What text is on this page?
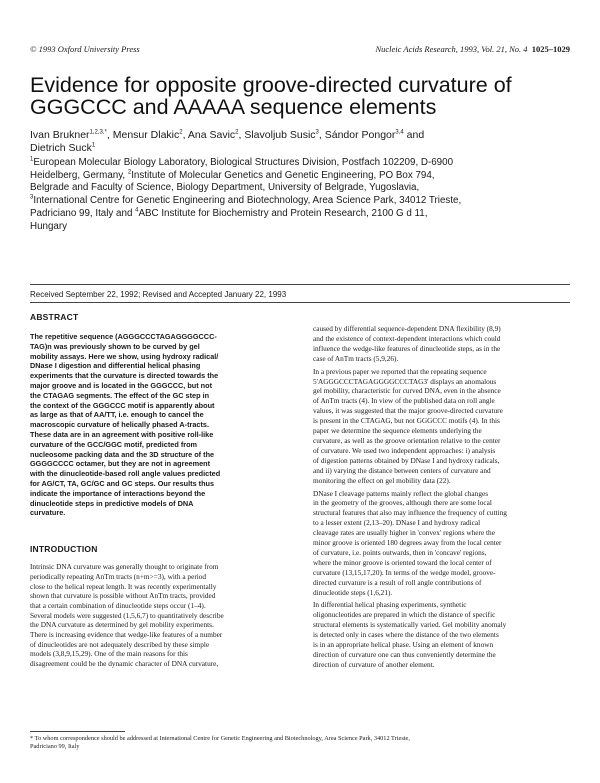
© 1993 Oxford University Press	Nucleic Acids Research, 1993, Vol. 21, No. 4 1025–1029
Evidence for opposite groove-directed curvature of
GGGCCC and AAAAA sequence elements
Ivan Brukner$^{1,2,3,*}$, Mensur Dlakic$^2$, Ana Savic$^2$, Slavoljub Susic$^3$, Sándor Pongor$^{3,4}$ and
Dietrich Suck$^1$
$^1$European Molecular Biology Laboratory, Biological Structures Division, Postfach 102209, D-6900
Heidelberg, Germany, $^2$Institute of Molecular Genetics and Genetic Engineering, PO Box 794,
Belgrade and Faculty of Science, Biology Department, University of Belgrade, Yugoslavia,
$^3$International Centre for Genetic Engineering and Biotechnology, Area Science Park, 34012 Trieste,
Padriciano 99, Italy and $^4$ABC Institute for Biochemistry and Protein Research, 2100 G d 11,
Hungary
Received September 22, 1992; Revised and Accepted January 22, 1993
ABSTRACT
The repetitive sequence (AGGGCCCTAGAGGGGCCC-
TAG)n was previously shown to be curved by gel
mobility assays. Here we show, using hydroxy radical/
DNase I digestion and differential helical phasing
experiments that the curvature is directed towards the
major groove and is located in the GGGCCC, but not
the CTAGAG segments. The effect of the GC step in
the context of the GGGCCC motif is apparently about
as large as that of AA/TT, i.e. enough to cancel the
macroscopic curvature of helically phased A-tracts.
These data are in an agreement with positive roll-like
curvature of the GCC/GGC motif, predicted from
nucleosome packing data and the 3D structure of the
GGGGCCCC octamer, but they are not in agreement
with the dinucleotide-based roll angle values predicted
for AG/CT, TA, GC/GC and GC steps. Our results thus
indicate the importance of interactions beyond the
dinucleotide steps in predictive models of DNA
curvature.
INTRODUCTION
Intrinsic DNA curvature was generally thought to originate from
periodically repeating AnTm tracts (n+m>=3), with a period
close to the helical repeat length. It was recently experimentally
shown that curvature is possible without AnTm tracts, provided
that a certain combination of dinucleotide steps occur (1–4).
Several models were suggested (1,5,6,7) to quantitatively describe
the DNA curvature as determined by gel mobility experiments.
There is increasing evidence that wedge-like features of a number
of dinucleotides are not adequately described by these simple
models (3,8,9,15,29). One of the main reasons for this
disagreement could be the dynamic character of DNA curvature,
caused by differential sequence-dependent DNA flexibility (8,9)
and the existence of context-dependent interactions which could
influence the wedge-like features of dinucleotide steps, as in the
case of AnTm tracts (5,9,26).
In a previous paper we reported that the repeating sequence
5'AGGGCCCTAGAGGGGCCCTAG3' displays an anomalous
gel mobility, characteristic for curved DNA, even in the absence
of AnTm tracts (4). In view of the published data on roll angle
values, it was suggested that the major groove-directed curvature
is present in the CTAGAG, but not GGGCCC motifs (4). In this
paper we determine the sequence elements underlying the
curvature, as well as the groove orientation relative to the center
of curvature. We used two independent approaches: i) analysis
of digestion patterns obtained by DNase I and hydroxy radicals,
and ii) varying the distance between centers of curvature and
monitoring the effect on gel mobility data (22).
DNase I cleavage patterns mainly reflect the global changes
in the geometry of the grooves, although there are some local
structural features that also may influence the frequency of cutting
to a lesser extent (2,13–20). DNase I and hydroxy radical
cleavage rates are usually higher in 'convex' regions where the
minor groove is oriented 180 degrees away from the local center
of curvature, i.e. points outwards, then in 'concave' regions,
where the minor groove is oriented toward the local center of
curvature (13,15,17,20). In terms of the wedge model, groove-
directed curvature is a result of roll angle contributions of
dinucleotide steps (1,6,21).
In differential helical phasing experiments, synthetic
oligonucleotides are prepared in which the distance of specific
structural elements is systematically varied. Gel mobility anomaly
is detected only in cases where the distance of the two elements
is in an appropriate helical phase. Using an element of known
direction of curvature one can thus conveniently determine the
direction of curvature of another element.
* To whom correspondence should be addressed at International Centre for Genetic Engineering and Biotechnology, Area Science Park, 34012 Trieste,
Padriciano 99, Italy
